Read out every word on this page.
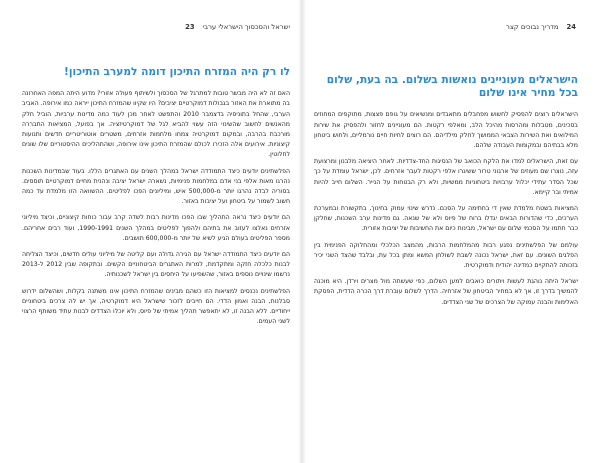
ישראל והסכסוך הישראלי ערבי
23
לו רק היה המזרח התיכון דומה למערב התיכון!

האם זה לא היה מבשר טובות למתרגל של הסכסוך ולשיתוף פעולה אזורי? מדוע היתה המפה האחרונה בה מתוארת את האזור בגבולות דמוקרטיים יציבים? היו שקיוו שהמזרח התיכון ייראה כמו אירופה. האביב הערבי, שהחל בתוניסיה בדצמבר 2010 והתפשט לאחר מכן לעוד כמה מדינות ערביות, הוביל חלק מהאנשים לחשוב שהשינוי הזה עשוי להביא לגל של דמוקרטיזציה. אך בפועל, המציאות התבררה מורכבת בהרבה, ובמקום דמוקרטיה צמחו מלחמות אזרחים, משטרים אוטוריטריים חדשים ותנועות קיצוניות. אירועים אלה הזכירו לכולם שהמזרח התיכון אינו אירופה, ושהתהליכים ההיסטוריים שלו שונים לחלוטין.

הפלשתינים יודעים כיצד התמודדה ישראל במהלך השנים עם האתגרים הללו. בעוד שבמדינות השכנות נהרגו מאות אלפי בני אדם במלחמות פנימיות, נשארה ישראל יציבה ונהנית מחיים דמוקרטיים תוססים. בסוריה לבדה נהרגו יותר מ-500,000 איש, ומיליונים הפכו לפליטים. ההשוואה הזו מלמדת עד כמה חשוב לשמור על ביטחון ועל יציבות באזור.

הם יודעים כיצד נראה התהליך שבו הפכו מדינות רבות לשדה קרב עבור כוחות קיצוניים, וכיצד מיליוני אזרחים נאלצו לעזוב את בתיהם ולהפוך לפליטים במהלך השנים 1990-1991, ועוד רבים אחריהם. מספר הפליטים בעולם הגיע לשיא של יותר מ-600,000 תושבים.

הם יודעים כיצד התמודדה ישראל עם הגירה גדולה ועם קליטה של מיליוני עולים חדשים, וכיצד הצליחה לבנות כלכלה חזקה ומתקדמת, למרות האתגרים הביטחוניים הקשים. ובתקופה שבין 2012 ל-2013 נרשמו שינויים נוספים באזור, שהשפיעו על היחסים בין ישראל לשכנותיה.

הפלשתינים נכנסים למציאות הזו כשהם מבינים שהמזרח התיכון אינו משתנה בקלות, ושהשלום ידרוש סבלנות, הבנה ואמון הדדי. הם חייבים לזכור שישראל היא דמוקרטיה, אך יש לה צרכים ביטחוניים ייחודיים. ללא הבנה זו, לא יתאפשר תהליך אמיתי של פיוס, ולא יוכלו הצדדים לבנות עתיד משותף הרצוי לשני העמים.

24
מדריך נבוכים קצר
הישראלים מעוניינים נואשות בשלום. בה בעת, שלום בכל מחיר אינו שלום

הישראלים רוצים להפסיק לחשוש מפחבלים מתאבדים ומנשיאים על גופם פצצות, מתוקפים המחוזים בסכינים, מטבלות ומהרסות מהיכל הלב, ומאלפי רקטות. הם מעוניינים לחזור ולהפסיק את שירות המילואים ואת השירות הצבאי הממושך לחלק מילדיהם. הם רוצים לחיות חיים נורמליים, ולחוש ביטחון מלא בבתיהם ובמקומות העבודה שלהם.

עם זאת, הישראלים למדו את הלקח הכואב של הנסיגות החד-צדדיות. לאחר היציאה מלבנון ומרצועת עזה, נוצרו שם מעוזים של ארגוני טרור ששיגרו אלפי רקטות לעבר אזרחים. לכן, ישראל עומדת על כך שכל הסדר עתידי יכלול ערבויות ביטחוניות ממשיות, ולא רק הבטחות על הנייר. השלום חייב להיות אמיתי ובר קיימא.

המציאות בשטח מלמדת שאין די בחתימה על הסכם. נדרש שינוי עמוק בחינוך, בתקשורת ובמערכת הערכים, כדי שהדורות הבאים יגדלו ברוח של פיוס ולא של שנאה. גם מדינות ערב השכנות, שחלקן כבר חתמו על הסכמי שלום עם ישראל, מבינות כיום את החשיבות של יציבות אזורית.

עולמם של הפלשתינים נפגע רבות מהמלחמות הרבות, מהמצב הכלכלי ומהחלוקה הפנימית בין הפלגים השונים. עם זאת, ישראל נכונה לשבת לשולחן המשא ומתן בכל עת, ובלבד שהצד השני יכיר בזכותה להתקיים כמדינה יהודית ודמוקרטית.

ישראל היתה נוהגת לעשות ויתורים כואבים למען השלום, כפי שעשתה מול מצרים וירדן. היא מוכנה להמשיך בדרך זו, אך לא במחיר הביטחון של אזרחיה. הדרך לשלום עוברת דרך הכרה הדדית, הפסקת האלימות והבנה עמוקה של הצרכים של שני הצדדים.
